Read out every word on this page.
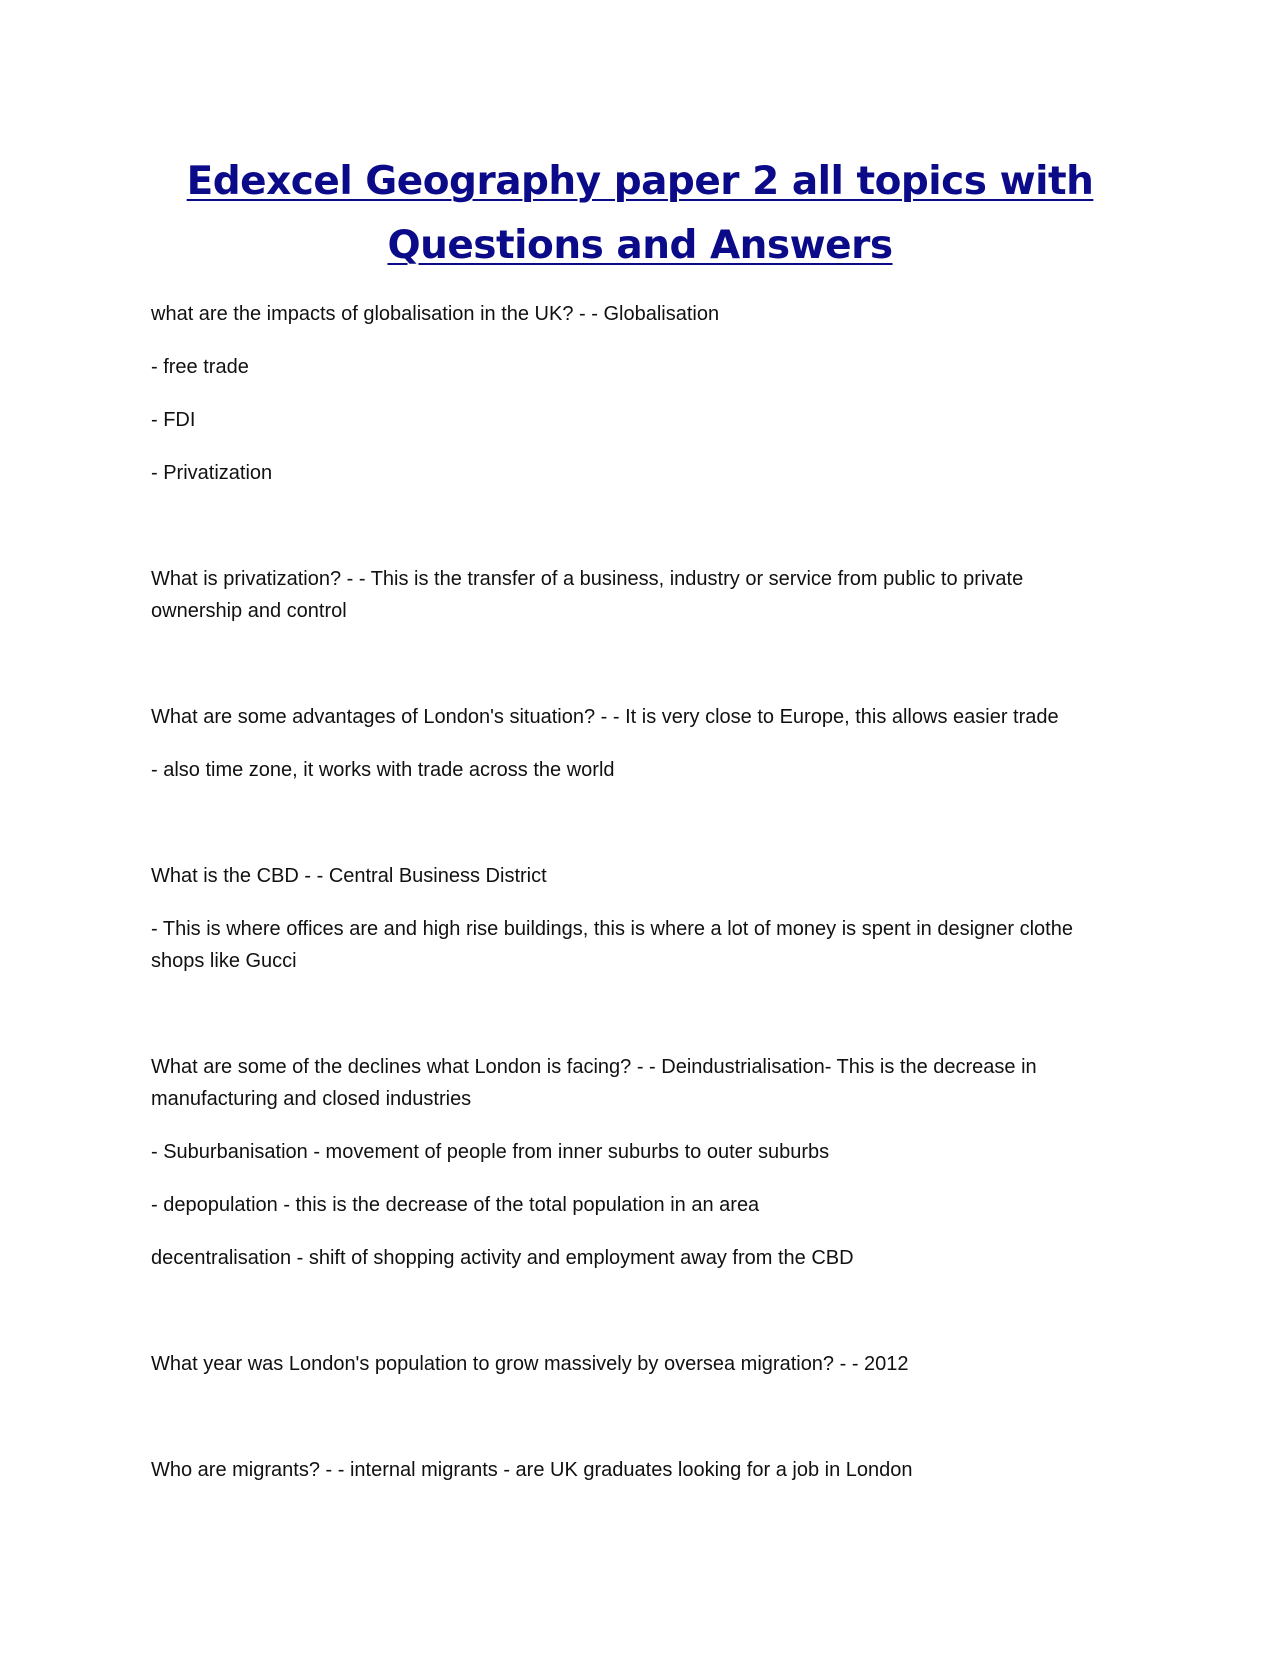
Edexcel Geography paper 2 all topics with
Questions and Answers
what are the impacts of globalisation in the UK? - - Globalisation
- free trade
- FDI
- Privatization
What is privatization? - - This is the transfer of a business, industry or service from public to private
ownership and control
What are some advantages of London's situation? - - It is very close to Europe, this allows easier trade
- also time zone, it works with trade across the world
What is the CBD - - Central Business District
- This is where offices are and high rise buildings, this is where a lot of money is spent in designer clothe
shops like Gucci
What are some of the declines what London is facing? - - Deindustrialisation- This is the decrease in
manufacturing and closed industries
- Suburbanisation - movement of people from inner suburbs to outer suburbs
- depopulation - this is the decrease of the total population in an area
decentralisation - shift of shopping activity and employment away from the CBD
What year was London's population to grow massively by oversea migration? - - 2012
Who are migrants? - - internal migrants - are UK graduates looking for a job in London
